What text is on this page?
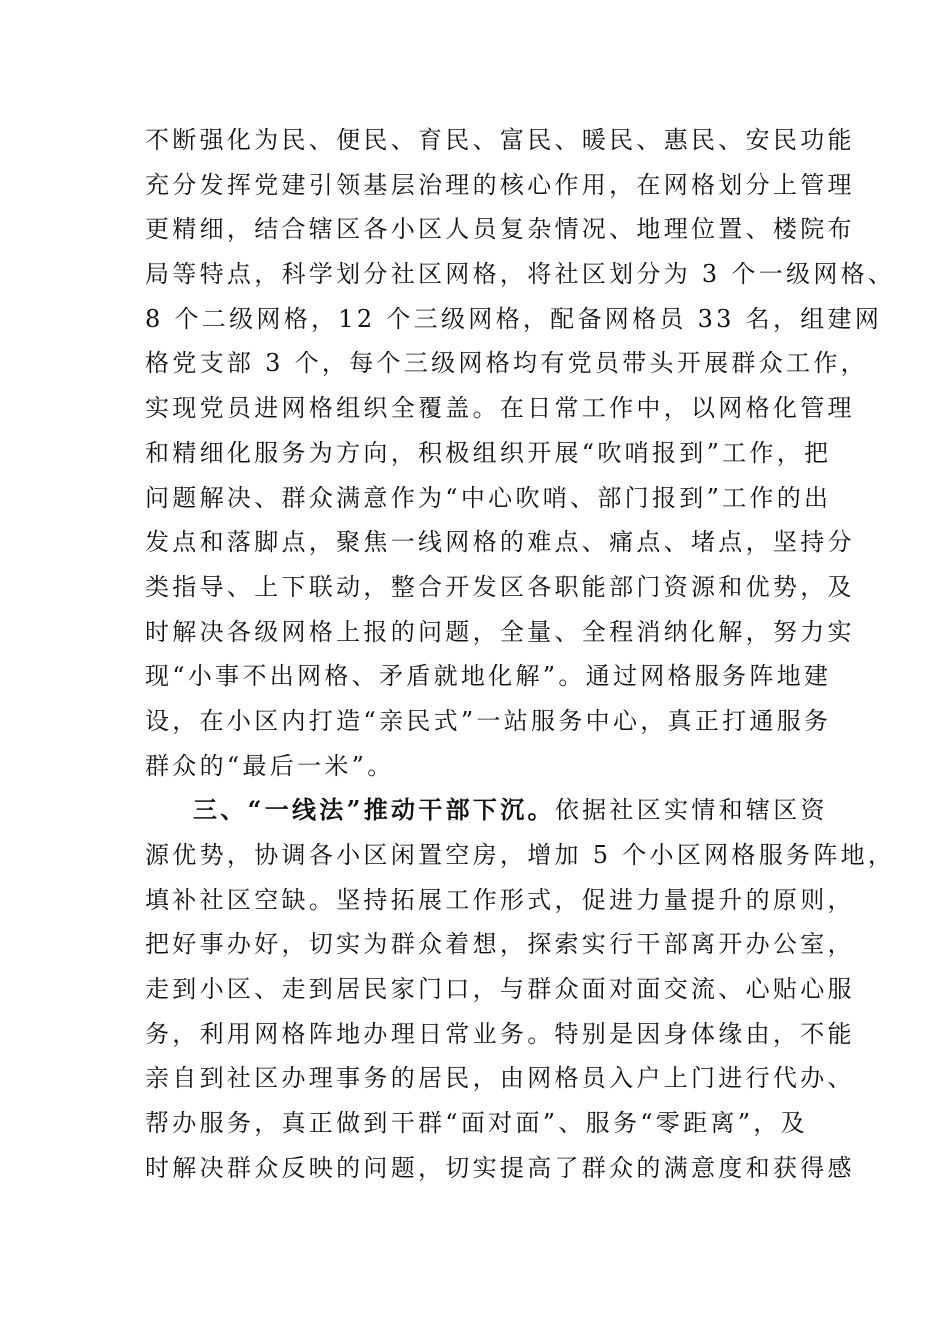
不断强化为民、便民、育民、富民、暖民、惠民、安民功能
充分发挥党建引领基层治理的核心作用，在网格划分上管理
更精细，结合辖区各小区人员复杂情况、地理位置、楼院布
局等特点，科学划分社区网格，将社区划分为 3 个一级网格、
8 个二级网格，12 个三级网格，配备网格员 33 名，组建网
格党支部 3 个，每个三级网格均有党员带头开展群众工作，
实现党员进网格组织全覆盖。在日常工作中，以网格化管理
和精细化服务为方向，积极组织开展“吹哨报到”工作，把
问题解决、群众满意作为“中心吹哨、部门报到”工作的出
发点和落脚点，聚焦一线网格的难点、痛点、堵点，坚持分
类指导、上下联动，整合开发区各职能部门资源和优势，及
时解决各级网格上报的问题，全量、全程消纳化解，努力实
现“小事不出网格、矛盾就地化解”。通过网格服务阵地建
设，在小区内打造“亲民式”一站服务中心，真正打通服务
群众的“最后一米”。
三、“一线法”推动干部下沉。依据社区实情和辖区资
源优势，协调各小区闲置空房，增加 5 个小区网格服务阵地，
填补社区空缺。坚持拓展工作形式，促进力量提升的原则，
把好事办好，切实为群众着想，探索实行干部离开办公室，
走到小区、走到居民家门口，与群众面对面交流、心贴心服
务，利用网格阵地办理日常业务。特别是因身体缘由，不能
亲自到社区办理事务的居民，由网格员入户上门进行代办、
帮办服务，真正做到干群“面对面”、服务“零距离”，及
时解决群众反映的问题，切实提高了群众的满意度和获得感
